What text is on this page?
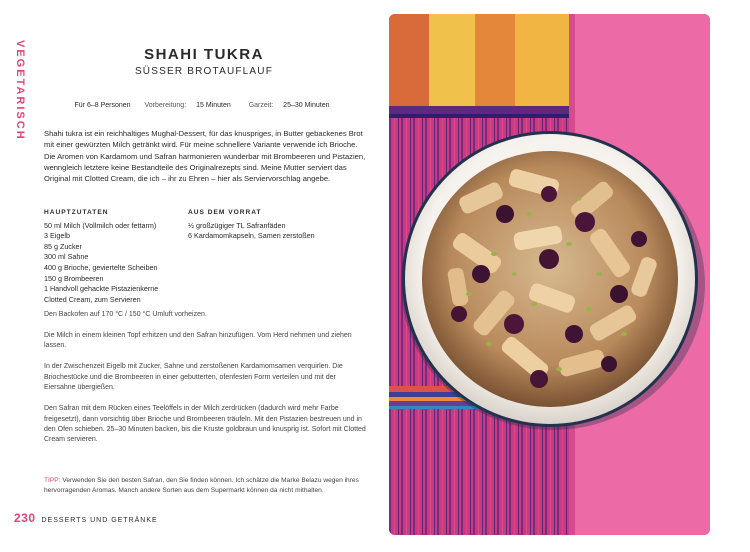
VEGETARISCH	SHAHI TUKRA
SÜSSER BROTAUFLAUF
Für 6–8 Personen Vorbereitung: 15 Minuten	Garzeit: 25–30 Minuten

Shahi tukra ist ein reichhaltiges Mughal-Dessert, für das knuspriges, in Butter gebackenes Brot mit einer gewürzten Milch getränkt wird. Für meine schnellere Variante verwende ich Brioche. Die Aromen von Kardamom und Safran harmonieren wunderbar mit Brombeeren und Pistazien, wenngleich letztere keine Bestandteile des Originalrezepts sind. Meine Mutter serviert das Original mit Clotted Cream, die ich – ihr zu Ehren – hier als Serviervorschlag angebe.

HAUPTZUTATEN
50 ml Milch (Vollmilch oder fettarm)
3 Eigelb
85 g Zucker
300 ml Sahne
400 g Brioche, geviertelte Scheiben
150 g Brombeeren
1 Handvoll gehackte Pistazienkerne
Clotted Cream, zum Servieren
AUS DEM VORRAT
½ großzügiger TL Safranfäden
6 Kardamomkapseln, Samen zerstoßen

Den Backofen auf 170 °C / 150 °C Umluft vorheizen.

Die Milch in einem kleinen Topf erhitzen und den Safran hinzufügen. Vom Herd nehmen und ziehen lassen.

In der Zwischenzeit Eigelb mit Zucker, Sahne und zerstoßenen Kardamomsamen verquirlen. Die Briochestücke und die Brombeeren in einer gebutterten, ofenfesten Form verteilen und mit der Eiersahne übergießen.

Den Safran mit dem Rücken eines Teelöffels in der Milch zerdrücken (dadurch wird mehr Farbe freigesetzt), dann vorsichtig über Brioche und Brombeeren träufeln. Mit den Pistazien bestreuen und in den Ofen schieben. 25–30 Minuten backen, bis die Kruste goldbraun und knusprig ist. Sofort mit Clotted Cream servieren.

TIPP: Verwenden Sie den besten Safran, den Sie finden können. Ich schätze die Marke Belazu wegen ihres hervorragenden Aromas. Manch andere Sorten aus dem Supermarkt können da nicht mithalten.

230 DESSERTS UND GETRÄNKE
